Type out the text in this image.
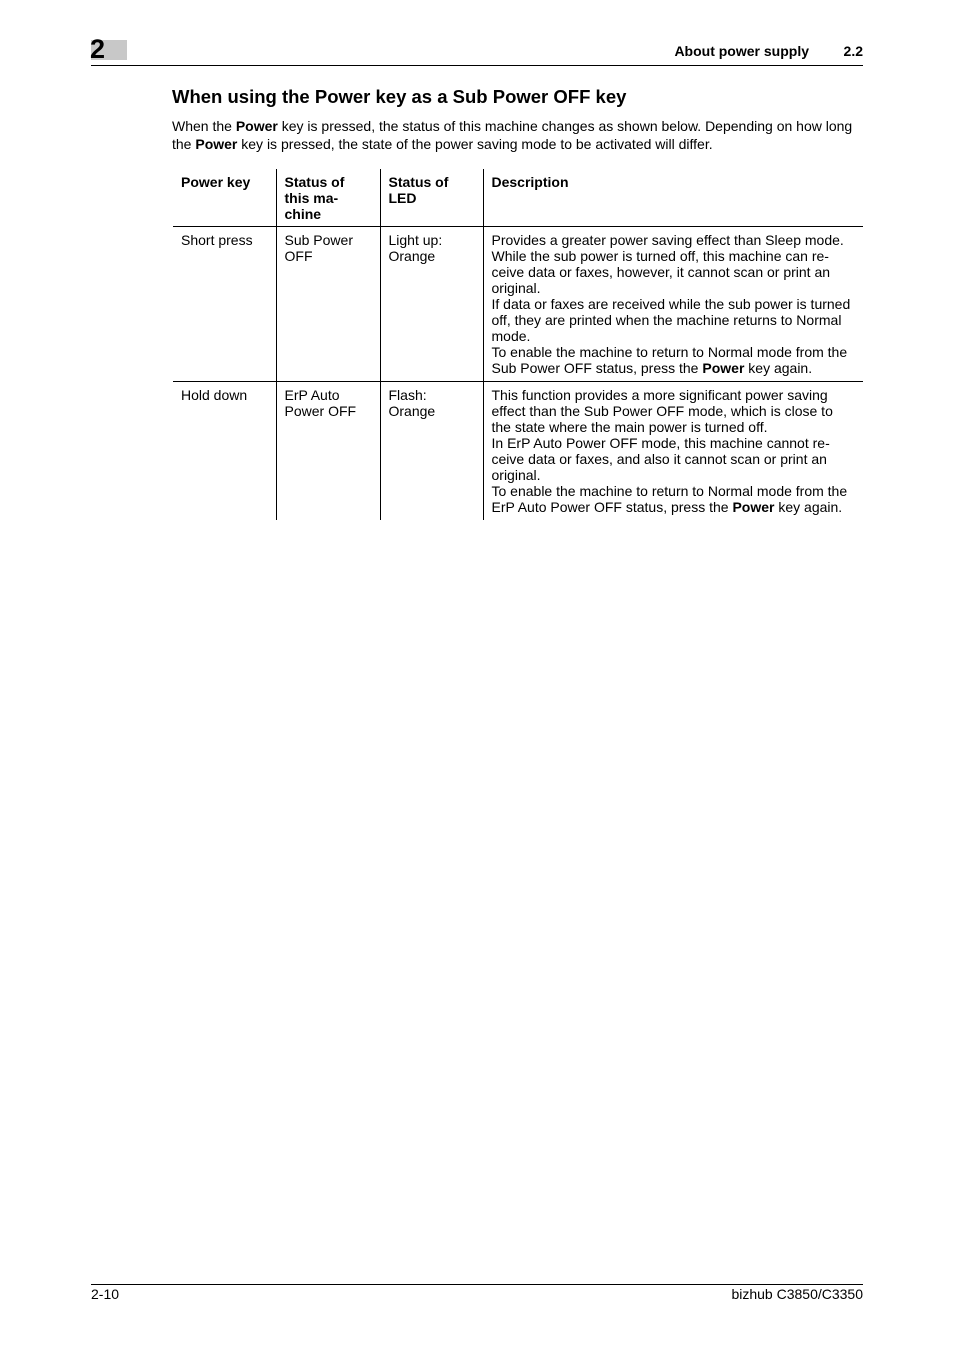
2	About power supply 2.2
When using the Power key as a Sub Power OFF key
When the Power key is pressed, the status of this machine changes as shown below. Depending on how long the Power key is pressed, the state of the power saving mode to be activated will differ.
Power key	Status of this ma-chine	Status of LED	Description
Short press	Sub Power OFF	Light up: Orange	Provides a greater power saving effect than Sleep mode. While the sub power is turned off, this machine can re-ceive data or faxes, however, it cannot scan or print an original.
If data or faxes are received while the sub power is turned off, they are printed when the machine returns to Normal mode.
To enable the machine to return to Normal mode from the Sub Power OFF status, press the Power key again.

Hold down	ErP Auto Power OFF	Flash: Orange	This function provides a more significant power saving effect than the Sub Power OFF mode, which is close to the state where the main power is turned off.
In ErP Auto Power OFF mode, this machine cannot re-ceive data or faxes, and also it cannot scan or print an original.
To enable the machine to return to Normal mode from the ErP Auto Power OFF status, press the Power key again.
2-10	bizhub C3850/C3350
